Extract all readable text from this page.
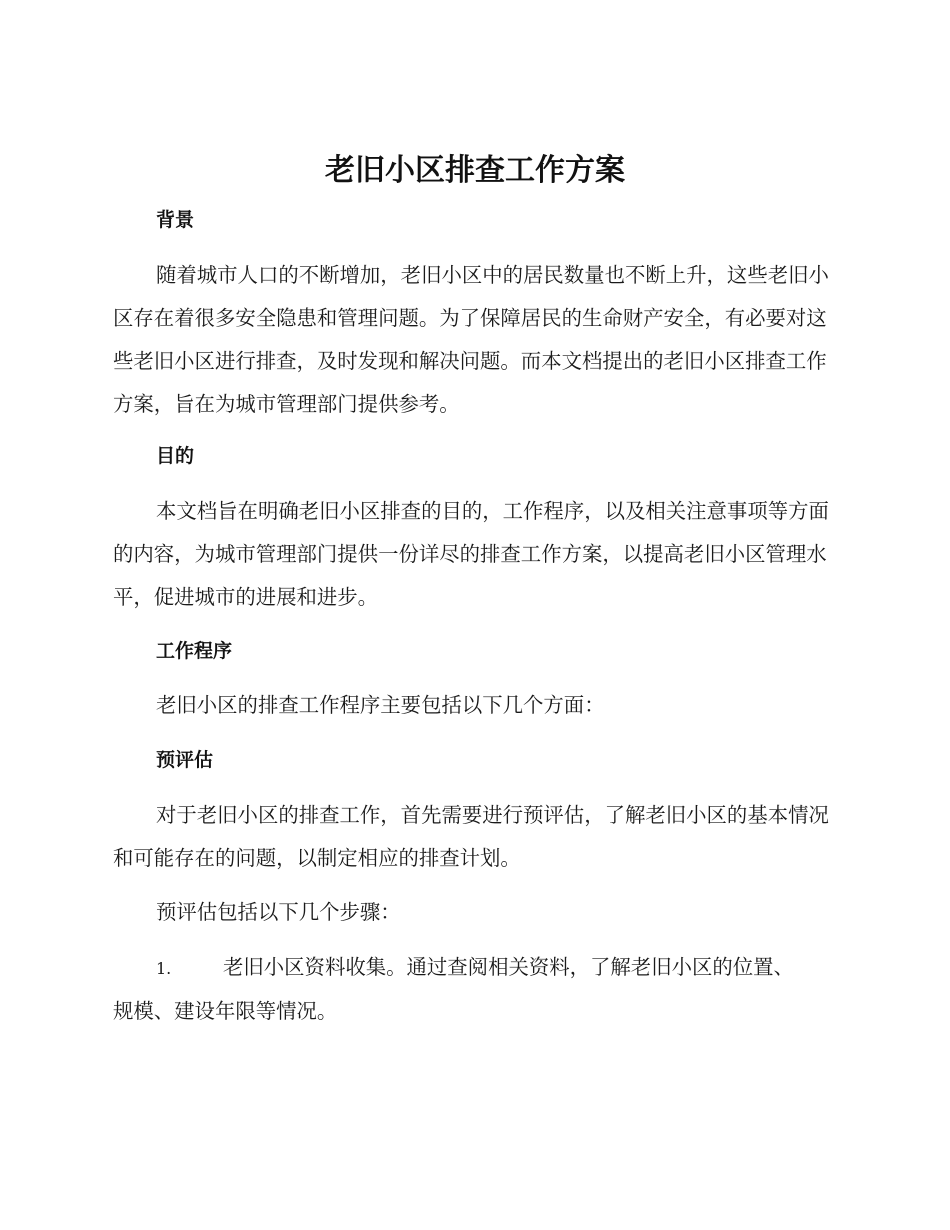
老旧小区排查工作方案
背景

随着城市人口的不断增加，老旧小区中的居民数量也不断上升，这些老旧小区存在着很多安全隐患和管理问题。为了保障居民的生命财产安全，有必要对这些老旧小区进行排查，及时发现和解决问题。而本文档提出的老旧小区排查工作方案，旨在为城市管理部门提供参考。

目的

本文档旨在明确老旧小区排查的目的，工作程序，以及相关注意事项等方面的内容，为城市管理部门提供一份详尽的排查工作方案，以提高老旧小区管理水平，促进城市的进展和进步。

工作程序

老旧小区的排查工作程序主要包括以下几个方面：

预评估

对于老旧小区的排查工作，首先需要进行预评估，了解老旧小区的基本情况和可能存在的问题，以制定相应的排查计划。

预评估包括以下几个步骤：

1.	老旧小区资料收集。通过查阅相关资料，了解老旧小区的位置、
规模、建设年限等情况。
